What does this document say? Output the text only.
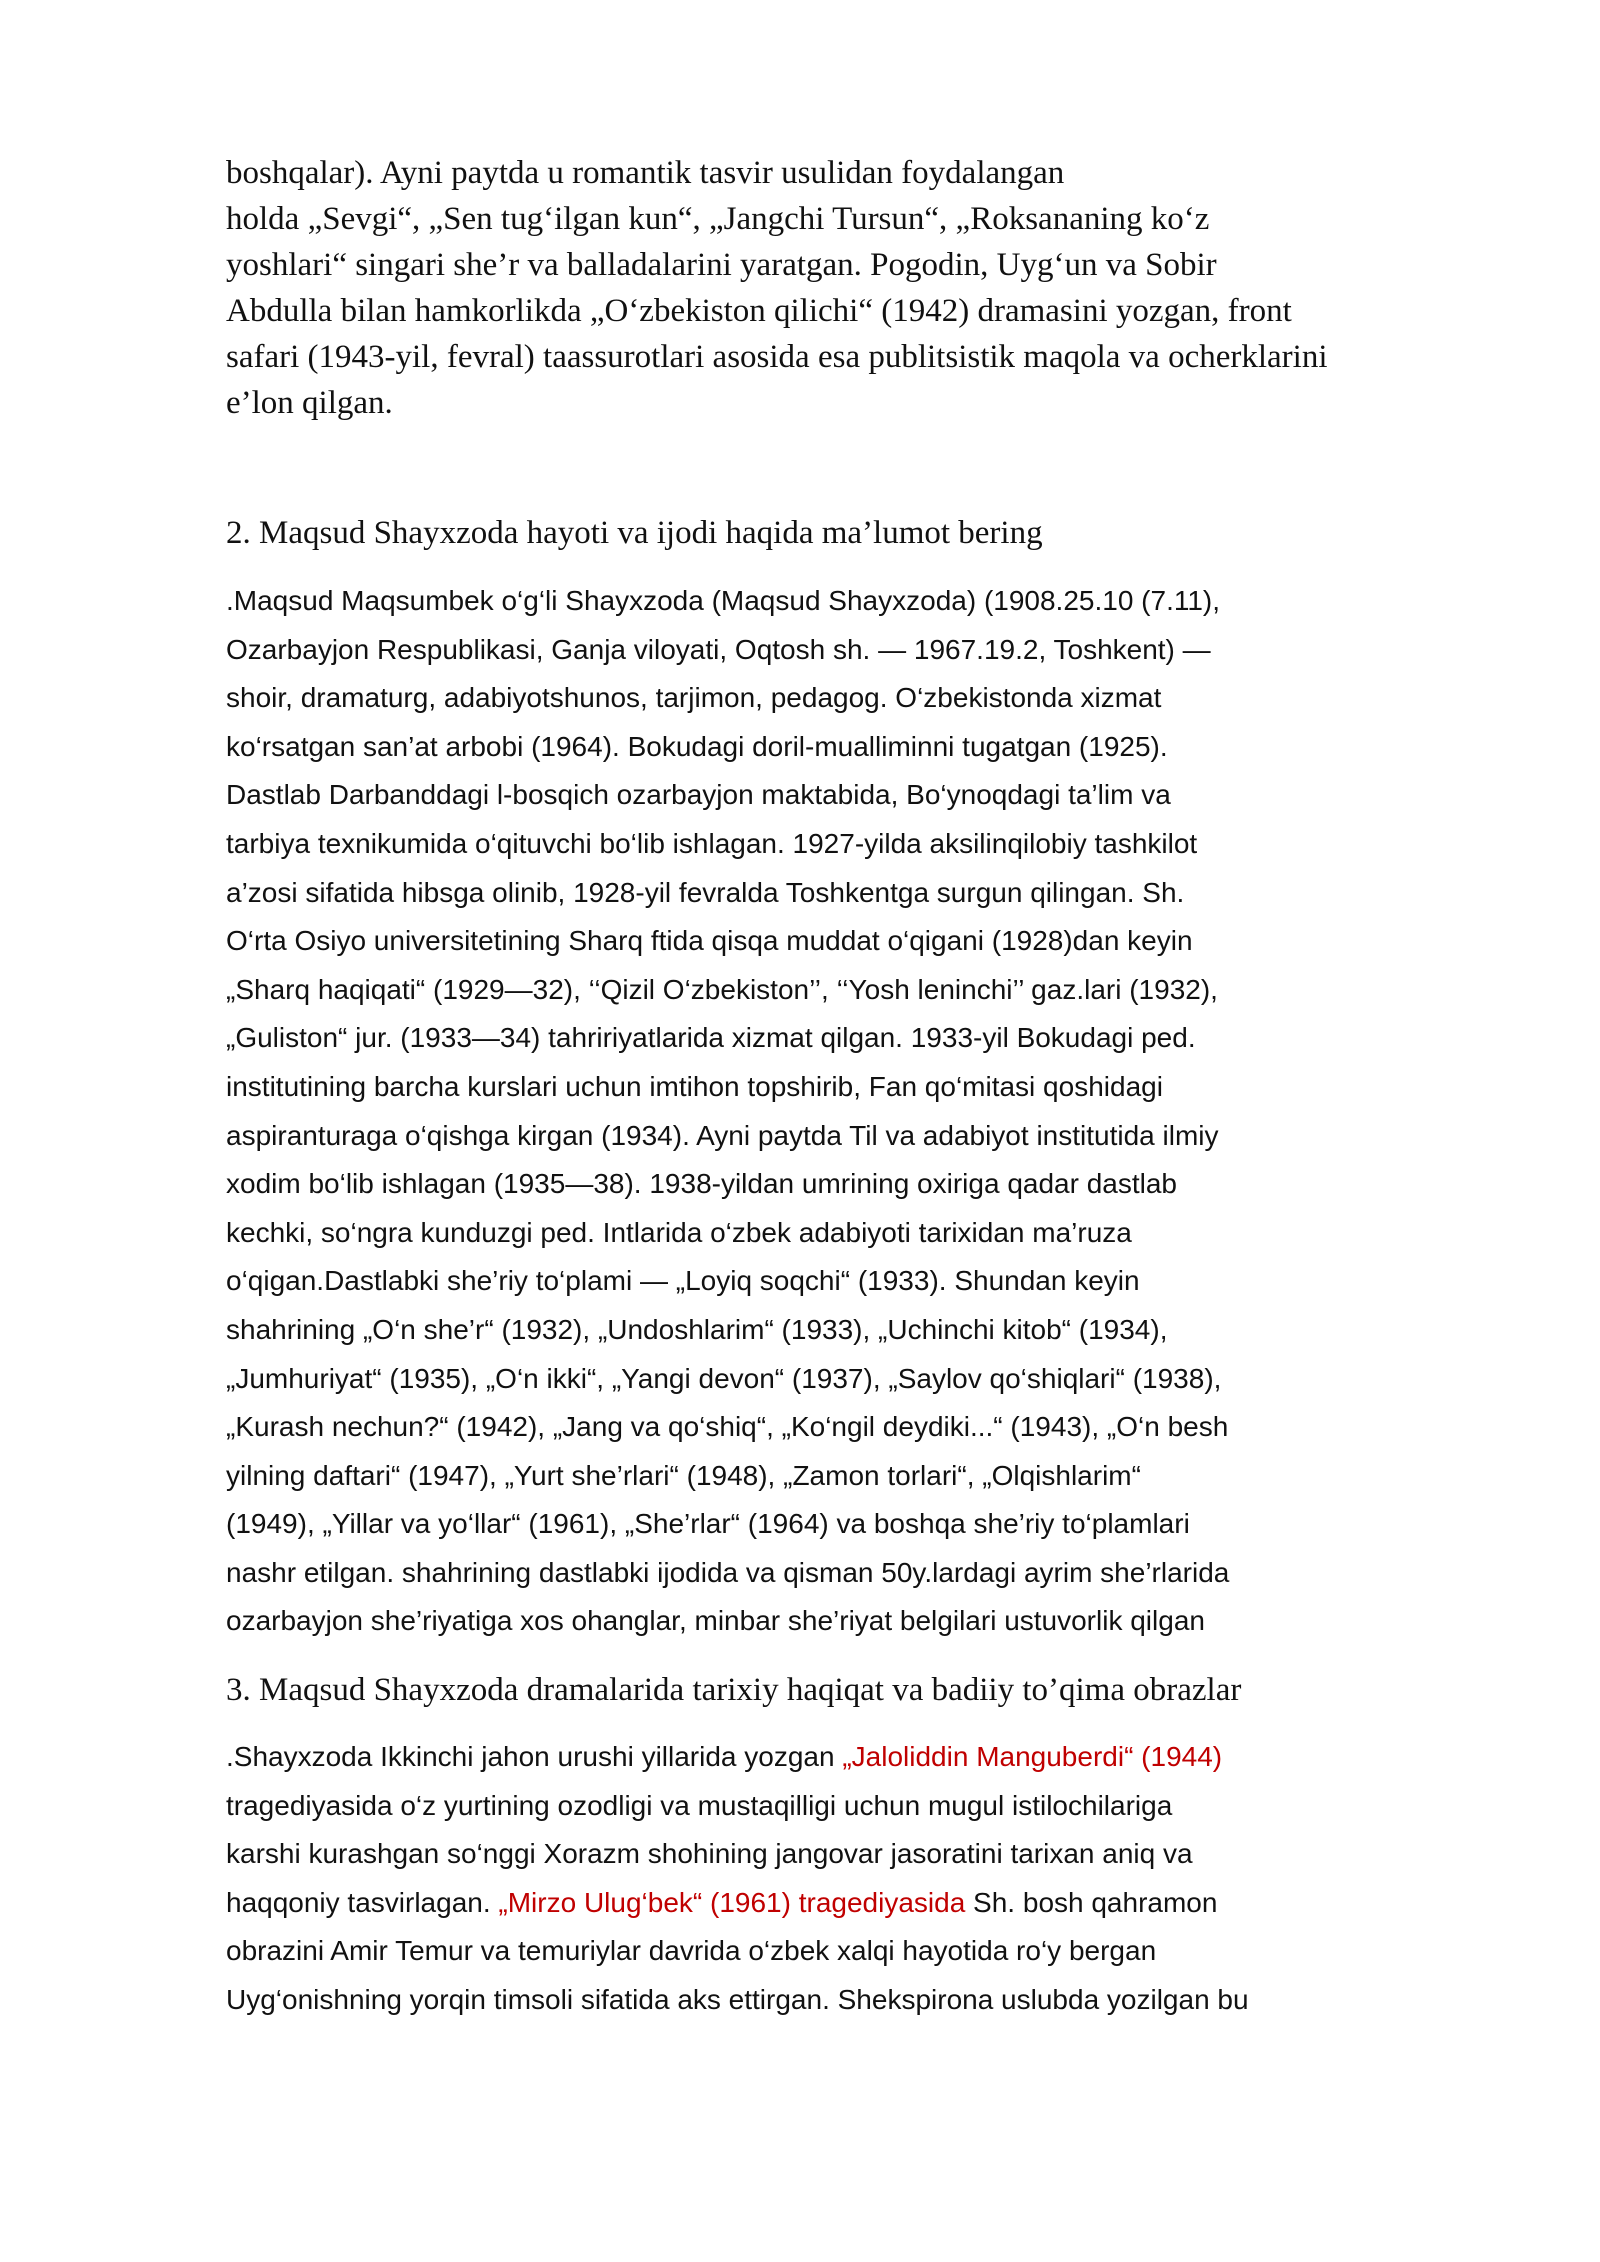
boshqalar). Ayni paytda u romantik tasvir usulidan foydalangan
holda „Sevgi“, „Sen tug‘ilgan kun“, „Jangchi Tursun“, „Roksananing ko‘z
yoshlari“ singari she’r va balladalarini yaratgan. Pogodin, Uyg‘un va Sobir
Abdulla bilan hamkorlikda „O‘zbekiston qilichi“ (1942) dramasini yozgan, front
safari (1943-yil, fevral) taassurotlari asosida esa publitsistik maqola va ocherklarini
e’lon qilgan.
2. Maqsud Shayxzoda hayoti va ijodi haqida ma’lumot bering
.Maqsud Maqsumbek o‘g‘li Shayxzoda (Maqsud Shayxzoda) (1908.25.10 (7.11),
Ozarbayjon Respublikasi, Ganja viloyati, Oqtosh sh. — 1967.19.2, Toshkent) —
shoir, dramaturg, adabiyotshunos, tarjimon, pedagog. O‘zbekistonda xizmat
ko‘rsatgan san’at arbobi (1964). Bokudagi doril-mualliminni tugatgan (1925).
Dastlab Darbanddagi l-bosqich ozarbayjon maktabida, Bo‘ynoqdagi ta’lim va
tarbiya texnikumida o‘qituvchi bo‘lib ishlagan. 1927-yilda aksilinqilobiy tashkilot
a’zosi sifatida hibsga olinib, 1928-yil fevralda Toshkentga surgun qilingan. Sh.
O‘rta Osiyo universitetining Sharq ftida qisqa muddat o‘qigani (1928)dan keyin
„Sharq haqiqati“ (1929—32), ‘‘Qizil O‘zbekiston’’, ‘‘Yosh leninchi’’ gaz.lari (1932),
„Guliston“ jur. (1933—34) tahririyatlarida xizmat qilgan. 1933-yil Bokudagi ped.
institutining barcha kurslari uchun imtihon topshirib, Fan qo‘mitasi qoshidagi
aspiranturaga o‘qishga kirgan (1934). Ayni paytda Til va adabiyot institutida ilmiy
xodim bo‘lib ishlagan (1935—38). 1938-yildan umrining oxiriga qadar dastlab
kechki, so‘ngra kunduzgi ped. Intlarida o‘zbek adabiyoti tarixidan ma’ruza
o‘qigan.Dastlabki she’riy to‘plami — „Loyiq soqchi“ (1933). Shundan keyin
shahrining „O‘n she’r“ (1932), „Undoshlarim“ (1933), „Uchinchi kitob“ (1934),
„Jumhuriyat“ (1935), „O‘n ikki“, „Yangi devon“ (1937), „Saylov qo‘shiqlari“ (1938),
„Kurash nechun?“ (1942), „Jang va qo‘shiq“, „Ko‘ngil deydiki...“ (1943), „O‘n besh
yilning daftari“ (1947), „Yurt she’rlari“ (1948), „Zamon torlari“, „Olqishlarim“
(1949), „Yillar va yo‘llar“ (1961), „She’rlar“ (1964) va boshqa she’riy to‘plamlari
nashr etilgan. shahrining dastlabki ijodida va qisman 50y.lardagi ayrim she’rlarida
ozarbayjon she’riyatiga xos ohanglar, minbar she’riyat belgilari ustuvorlik qilgan
3. Maqsud Shayxzoda dramalarida tarixiy haqiqat va badiiy to’qima obrazlar
.Shayxzoda Ikkinchi jahon urushi yillarida yozgan „Jaloliddin Manguberdi“ (1944)
tragediyasida o‘z yurtining ozodligi va mustaqilligi uchun mugul istilochilariga
karshi kurashgan so‘nggi Xorazm shohining jangovar jasoratini tarixan aniq va
haqqoniy tasvirlagan. „Mirzo Ulug‘bek“ (1961) tragediyasida Sh. bosh qahramon
obrazini Amir Temur va temuriylar davrida o‘zbek xalqi hayotida ro‘y bergan
Uyg‘onishning yorqin timsoli sifatida aks ettirgan. Shekspirona uslubda yozilgan bu
